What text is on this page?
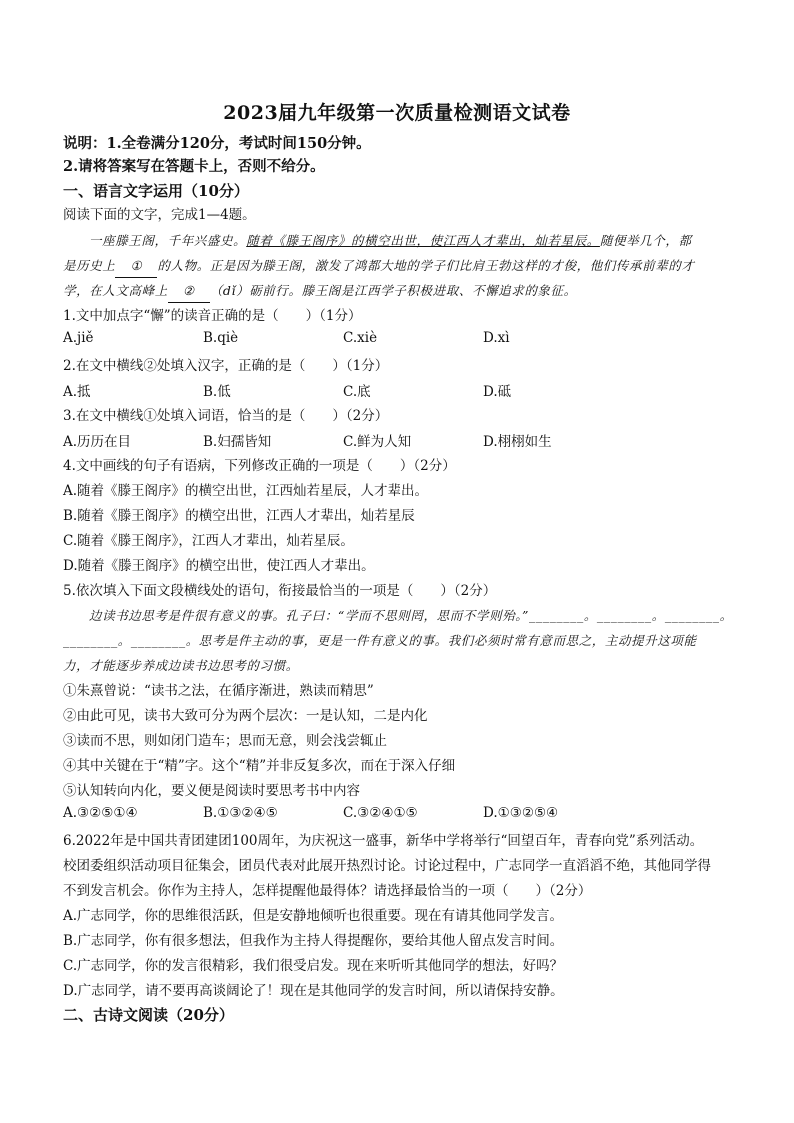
2023届九年级第一次质量检测语文试卷
说明：1.全卷满分120分，考试时间150分钟。
2.请将答案写在答题卡上，否则不给分。
一、语言文字运用（10分）
阅读下面的文字，完成1—4题。
一座滕王阁，千年兴盛史。随着《滕王阁序》的横空出世，使江西人才辈出，灿若星辰。随便举几个，都
是历史上 ① 的人物。正是因为滕王阁，激发了鸿都大地的学子们比肩王勃这样的才俊，他们传承前辈的才
学，在人文高峰上 ② （dǐ）砺前行。滕王阁是江西学子积极进取、不懈追求的象征。
1.文中加点字“懈”的读音正确的是（　　）（1分）
A.jiě	B.qiè	C.xiè	D.xì
2.在文中横线②处填入汉字，正确的是（　　）（1分）
A.抵	B.低	C.底	D.砥
3.在文中横线①处填入词语，恰当的是（　　）（2分）
A.历历在目	B.妇孺皆知	C.鲜为人知	D.栩栩如生
4.文中画线的句子有语病，下列修改正确的一项是（　　）（2分）
A.随着《滕王阁序》的横空出世，江西灿若星辰，人才辈出。
B.随着《滕王阁序》的横空出世，江西人才辈出，灿若星辰
C.随着《滕王阁序》，江西人才辈出，灿若星辰。
D.随着《滕王阁序》的横空出世，使江西人才辈出。
5.依次填入下面文段横线处的语句，衔接最恰当的一项是（　　）（2分）
边读书边思考是件很有意义的事。孔子曰：“学而不思则罔，思而不学则殆。”________。________。________。
________。________。思考是件主动的事，更是一件有意义的事。我们必须时常有意而思之，主动提升这项能
力，才能逐步养成边读书边思考的习惯。
①朱熹曾说：“读书之法，在循序渐进，熟读而精思”
②由此可见，读书大致可分为两个层次：一是认知，二是内化
③读而不思，则如闭门造车；思而无意，则会浅尝辄止
④其中关键在于“精”字。这个“精”并非反复多次，而在于深入仔细
⑤认知转向内化，要义便是阅读时要思考书中内容
A.③②⑤①④	B.①③②④⑤	C.③②④①⑤	D.①③②⑤④
6.2022年是中国共青团建团100周年，为庆祝这一盛事，新华中学将举行“回望百年，青春向党”系列活动。
校团委组织活动项目征集会，团员代表对此展开热烈讨论。讨论过程中，广志同学一直滔滔不绝，其他同学得
不到发言机会。你作为主持人，怎样提醒他最得体？请选择最恰当的一项（　　）（2分）
A.广志同学，你的思维很活跃，但是安静地倾听也很重要。现在有请其他同学发言。
B.广志同学，你有很多想法，但我作为主持人得提醒你，要给其他人留点发言时间。
C.广志同学，你的发言很精彩，我们很受启发。现在来听听其他同学的想法，好吗？
D.广志同学，请不要再高谈阔论了！现在是其他同学的发言时间，所以请保持安静。
二、古诗文阅读（20分）
